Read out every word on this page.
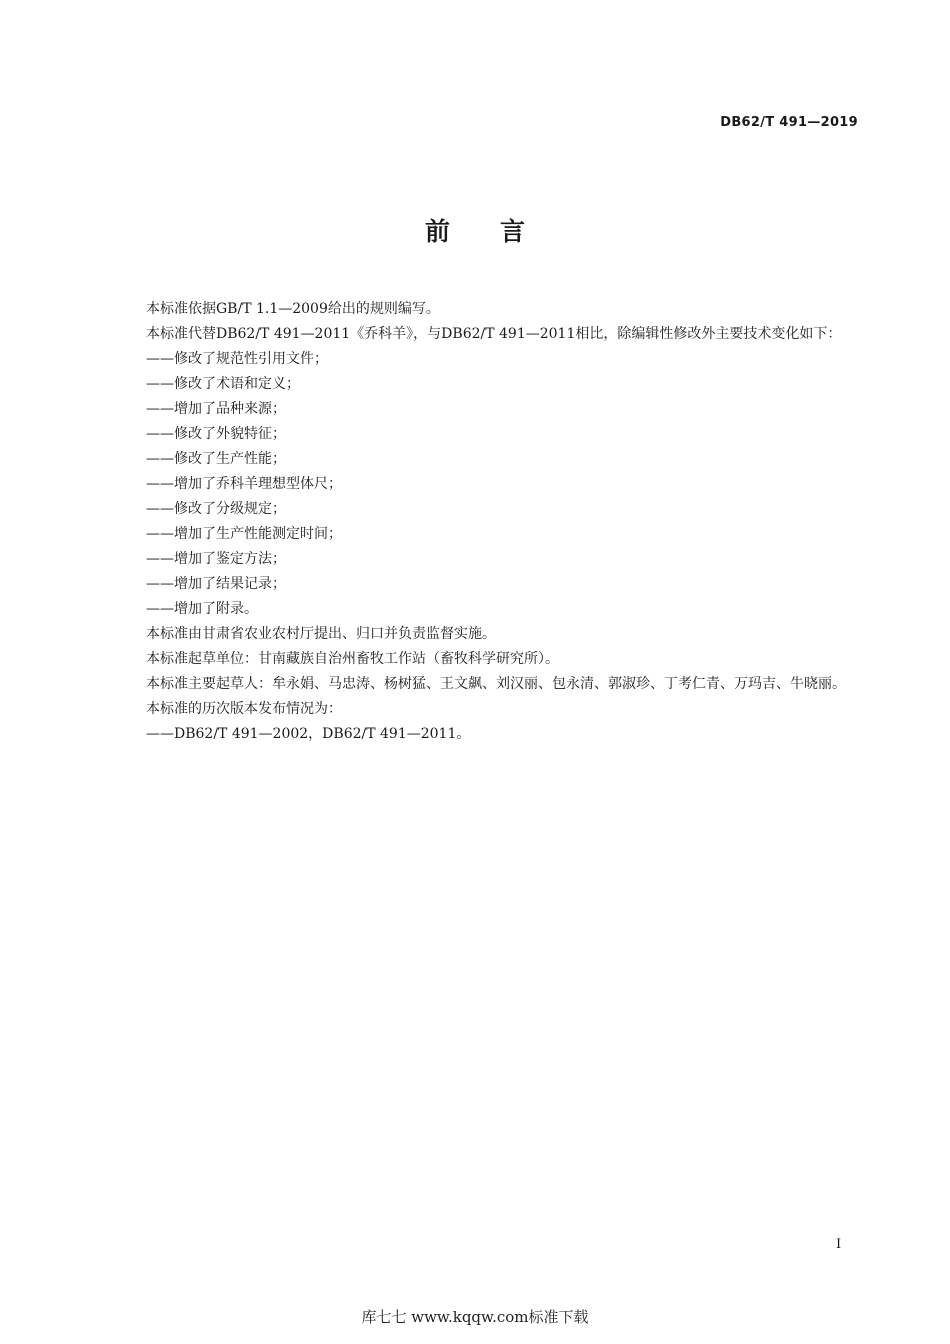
DB62/T 491—2019
前　　言

本标准依据GB/T 1.1—2009给出的规则编写。

本标准代替DB62/T 491—2011《乔科羊》，与DB62/T 491—2011相比，除编辑性修改外主要技术变化如下：

——修改了规范性引用文件；

——修改了术语和定义；

——增加了品种来源；

——修改了外貌特征；

——修改了生产性能；

——增加了乔科羊理想型体尺；

——修改了分级规定；

——增加了生产性能测定时间；

——增加了鉴定方法；

——增加了结果记录；

——增加了附录。

本标准由甘肃省农业农村厅提出、归口并负责监督实施。

本标准起草单位：甘南藏族自治州畜牧工作站（畜牧科学研究所）。

本标准主要起草人：牟永娟、马忠涛、杨树猛、王文飙、刘汉丽、包永清、郭淑珍、丁考仁青、万玛吉、牛晓丽。

本标准的历次版本发布情况为：

——DB62/T 491—2002，DB62/T 491—2011。

I
库七七 www.kqqw.com标准下载
